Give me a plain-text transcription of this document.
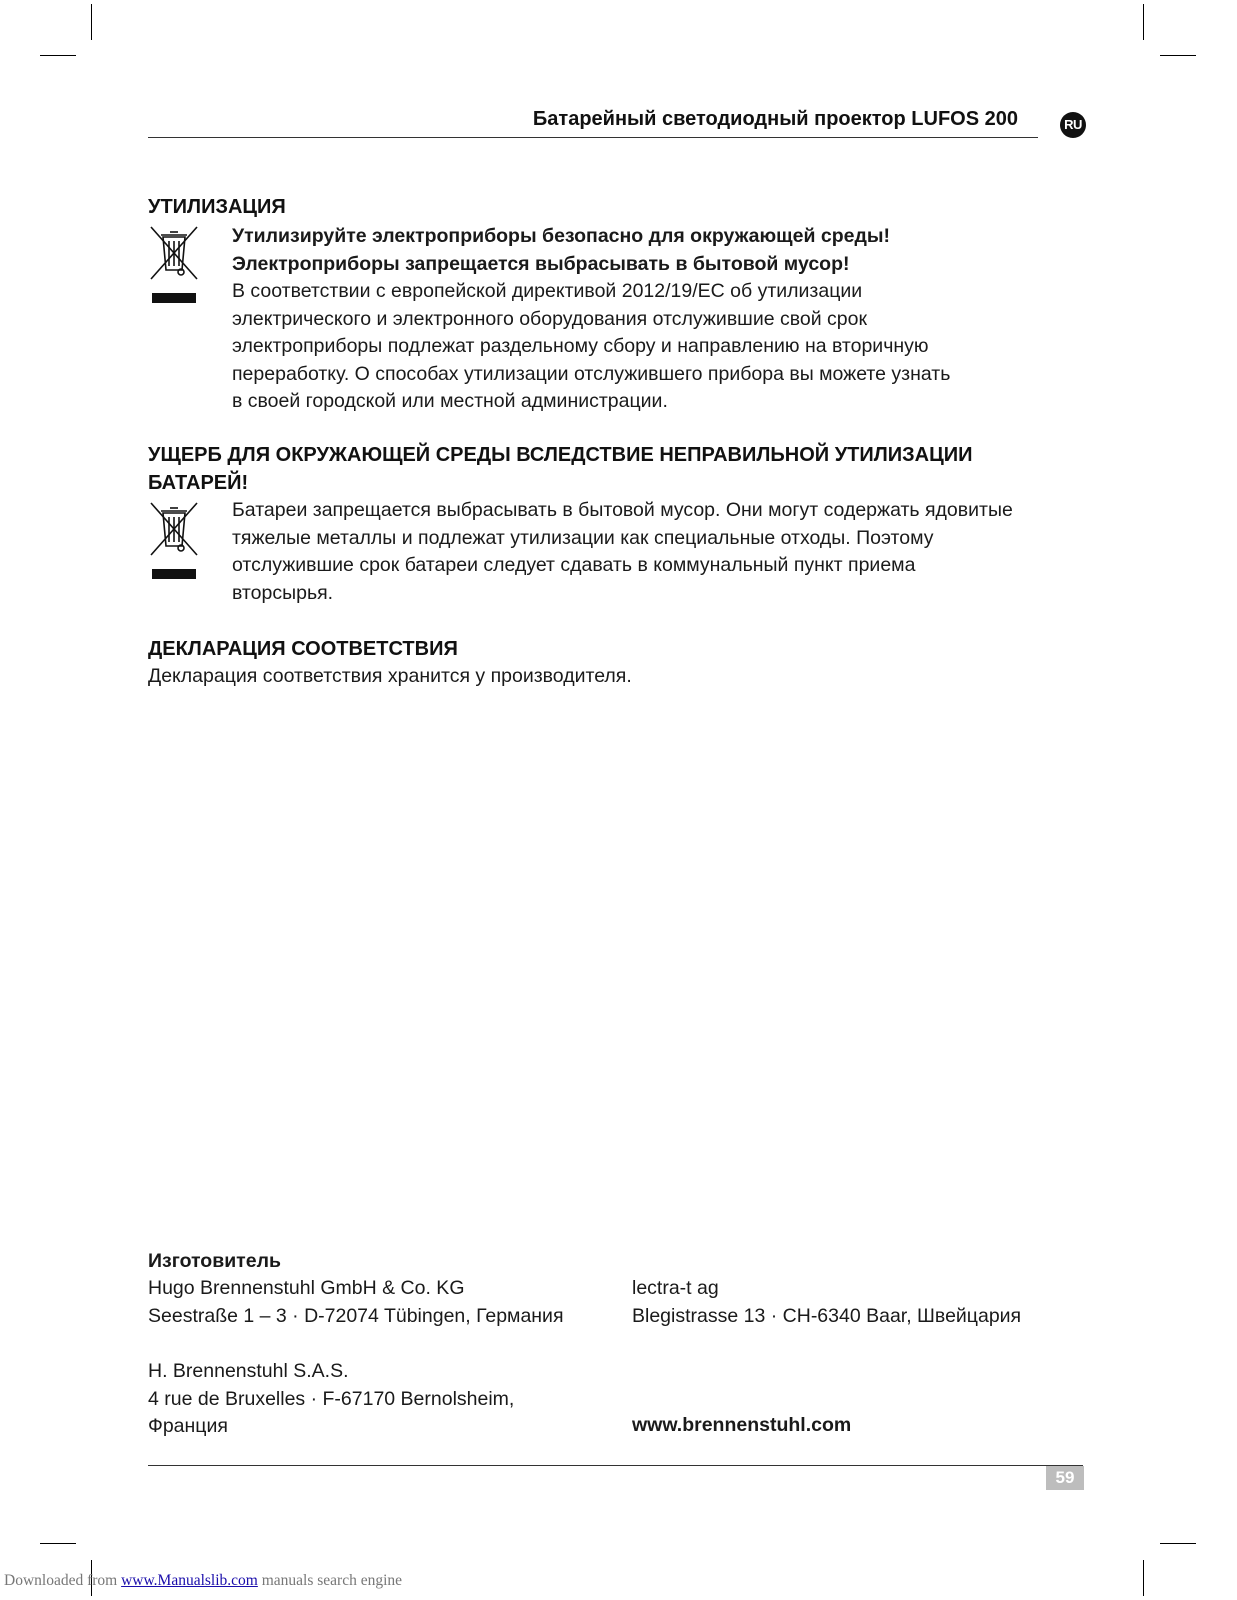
Батарейный светодиодный проектор LUFOS 200	RU
УТИЛИЗАЦИЯ

Утилизируйте электроприборы безопасно для окружающей среды!

Электроприборы запрещается выбрасывать в бытовой мусор!

В соответствии с европейской директивой 2012/19/EC об утилизации

электрического и электронного оборудования отслужившие свой срок

электроприборы подлежат раздельному сбору и направлению на вторичную

переработку. О способах утилизации отслужившего прибора вы можете узнать

в своей городской или местной администрации.

УЩЕРБ ДЛЯ ОКРУЖАЮЩЕЙ СРЕДЫ ВСЛЕДСТВИЕ НЕПРАВИЛЬНОЙ УТИЛИЗАЦИИ
БАТАРЕЙ!

Батареи запрещается выбрасывать в бытовой мусор. Они могут содержать ядовитые

тяжелые металлы и подлежат утилизации как специальные отходы. Поэтому

отслужившие срок батареи следует сдавать в коммунальный пункт приема

вторсырья.

ДЕКЛАРАЦИЯ СООТВЕТСТВИЯ
Декларация соответствия хранится у производителя.
Изготовитель

Hugo Brennenstuhl GmbH & Co. KG

Seestraße 1 – 3 · D-72074 Tübingen, Германия

lectra-t ag

Blegistrasse 13 · CH-6340 Baar, Швейцария

H. Brennenstuhl S.A.S.

4 rue de Bruxelles · F-67170 Bernolsheim,

Франция	www.brennenstuhl.com
59
Downloaded from www.Manualslib.com manuals search engine
